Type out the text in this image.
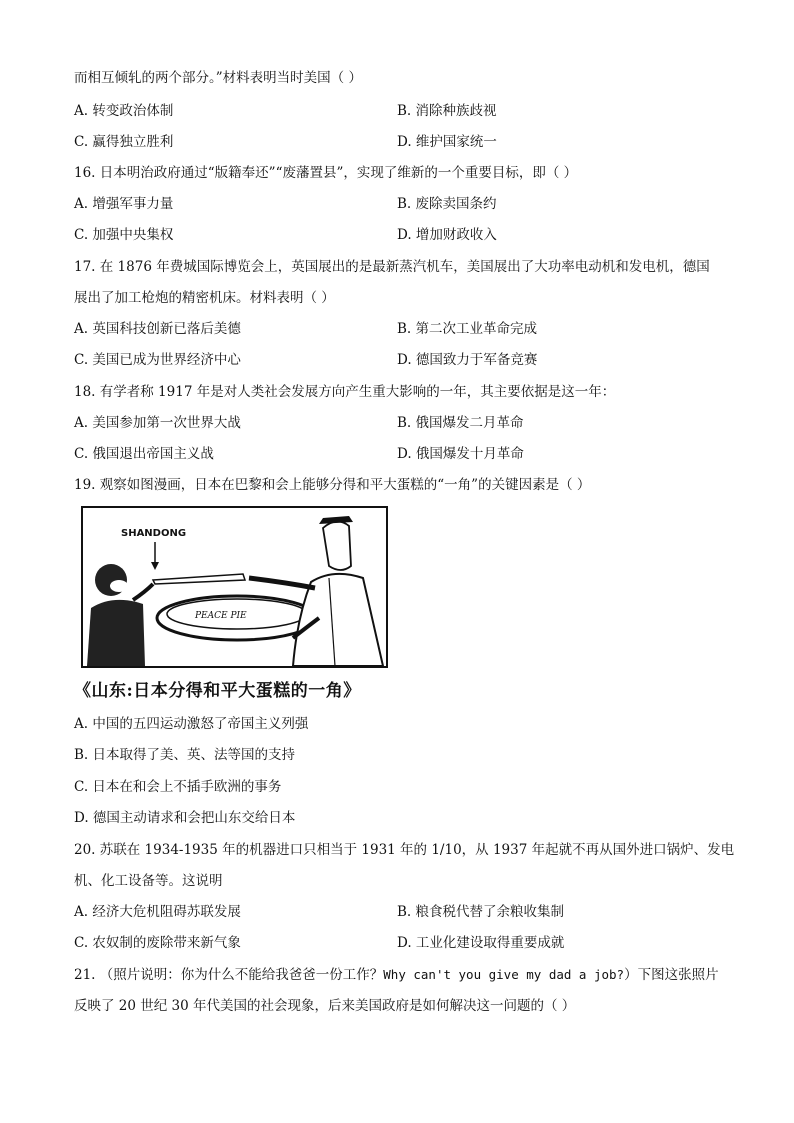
而相互倾轧的两个部分。”材料表明当时美国（ ）
A. 转变政治体制	B. 消除种族歧视
C. 赢得独立胜利	D. 维护国家统一
16. 日本明治政府通过“版籍奉还”“废藩置县”，实现了维新的一个重要目标，即（ ）
A. 增强军事力量	B. 废除卖国条约
C. 加强中央集权	D. 增加财政收入
17. 在 1876 年费城国际博览会上，英国展出的是最新蒸汽机车，美国展出了大功率电动机和发电机，德国
展出了加工枪炮的精密机床。材料表明（ ）
A. 英国科技创新已落后美德	B. 第二次工业革命完成
C. 美国已成为世界经济中心	D. 德国致力于军备竞赛
18. 有学者称 1917 年是对人类社会发展方向产生重大影响的一年，其主要依据是这一年：
A. 美国参加第一次世界大战	B. 俄国爆发二月革命
C. 俄国退出帝国主义战	D. 俄国爆发十月革命
19. 观察如图漫画，日本在巴黎和会上能够分得和平大蛋糕的“一角”的关键因素是（ ）
SHANDONG
PEACE PIE
《山东:日本分得和平大蛋糕的一角》
A. 中国的五四运动激怒了帝国主义列强
B. 日本取得了美、英、法等国的支持
C. 日本在和会上不插手欧洲的事务
D. 德国主动请求和会把山东交给日本
20. 苏联在 1934-1935 年的机器进口只相当于 1931 年的 1/10，从 1937 年起就不再从国外进口锅炉、发电
机、化工设备等。这说明
A. 经济大危机阻碍苏联发展	B. 粮食税代替了余粮收集制
C. 农奴制的废除带来新气象	D. 工业化建设取得重要成就
21. （照片说明：你为什么不能给我爸爸一份工作？Why can't you give my dad a job?）下图这张照片
反映了 20 世纪 30 年代美国的社会现象，后来美国政府是如何解决这一问题的（ ）
